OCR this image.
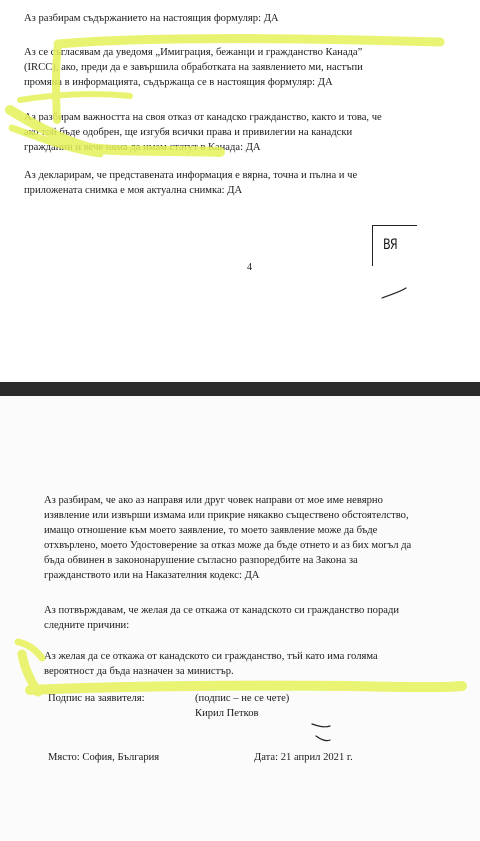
Аз разбирам съдържанието на настоящия формуляр: ДА

Аз се съгласявам да уведомя „Имиграция, бежанци и гражданство Канада”
(IRCC), ако, преди да е завършила обработката на заявлението ми, настъпи
промяна в информацията, съдържаща се в настоящия формуляр: ДА

Аз разбирам важността на своя отказ от канадско гражданство, както и това, че
ако той бъде одобрен, ще изгубя всички права и привилегии на канадски
гражданин и вече няма да имам статут в Канада: ДА

Аз декларирам, че представената информация е вярна, точна и пълна и че
приложената снимка е моя актуална снимка: ДА

4
ВЯ

Аз разбирам, че ако аз направя или друг човек направи от мое име невярно
изявление или извърши измама или прикрие някакво съществено обстоятелство,
имащо отношение към моето заявление, то моето заявление може да бъде
отхвърлено, моето Удостоверение за отказ може да бъде отнето и аз бих могъл да
бъда обвинен в закононарушение съгласно разпоредбите на Закона за
гражданството или на Наказателния кодекс: ДА

Аз потвърждавам, че желая да се откажа от канадското си гражданство поради
следните причини:

Аз желая да се откажа от канадското си гражданство, тъй като има голяма
вероятност да бъда назначен за министър.

Подпис на заявителя:	(подпис – не се чете)
Кирил Петков
Място: София, България	Дата: 21 април 2021 г.
